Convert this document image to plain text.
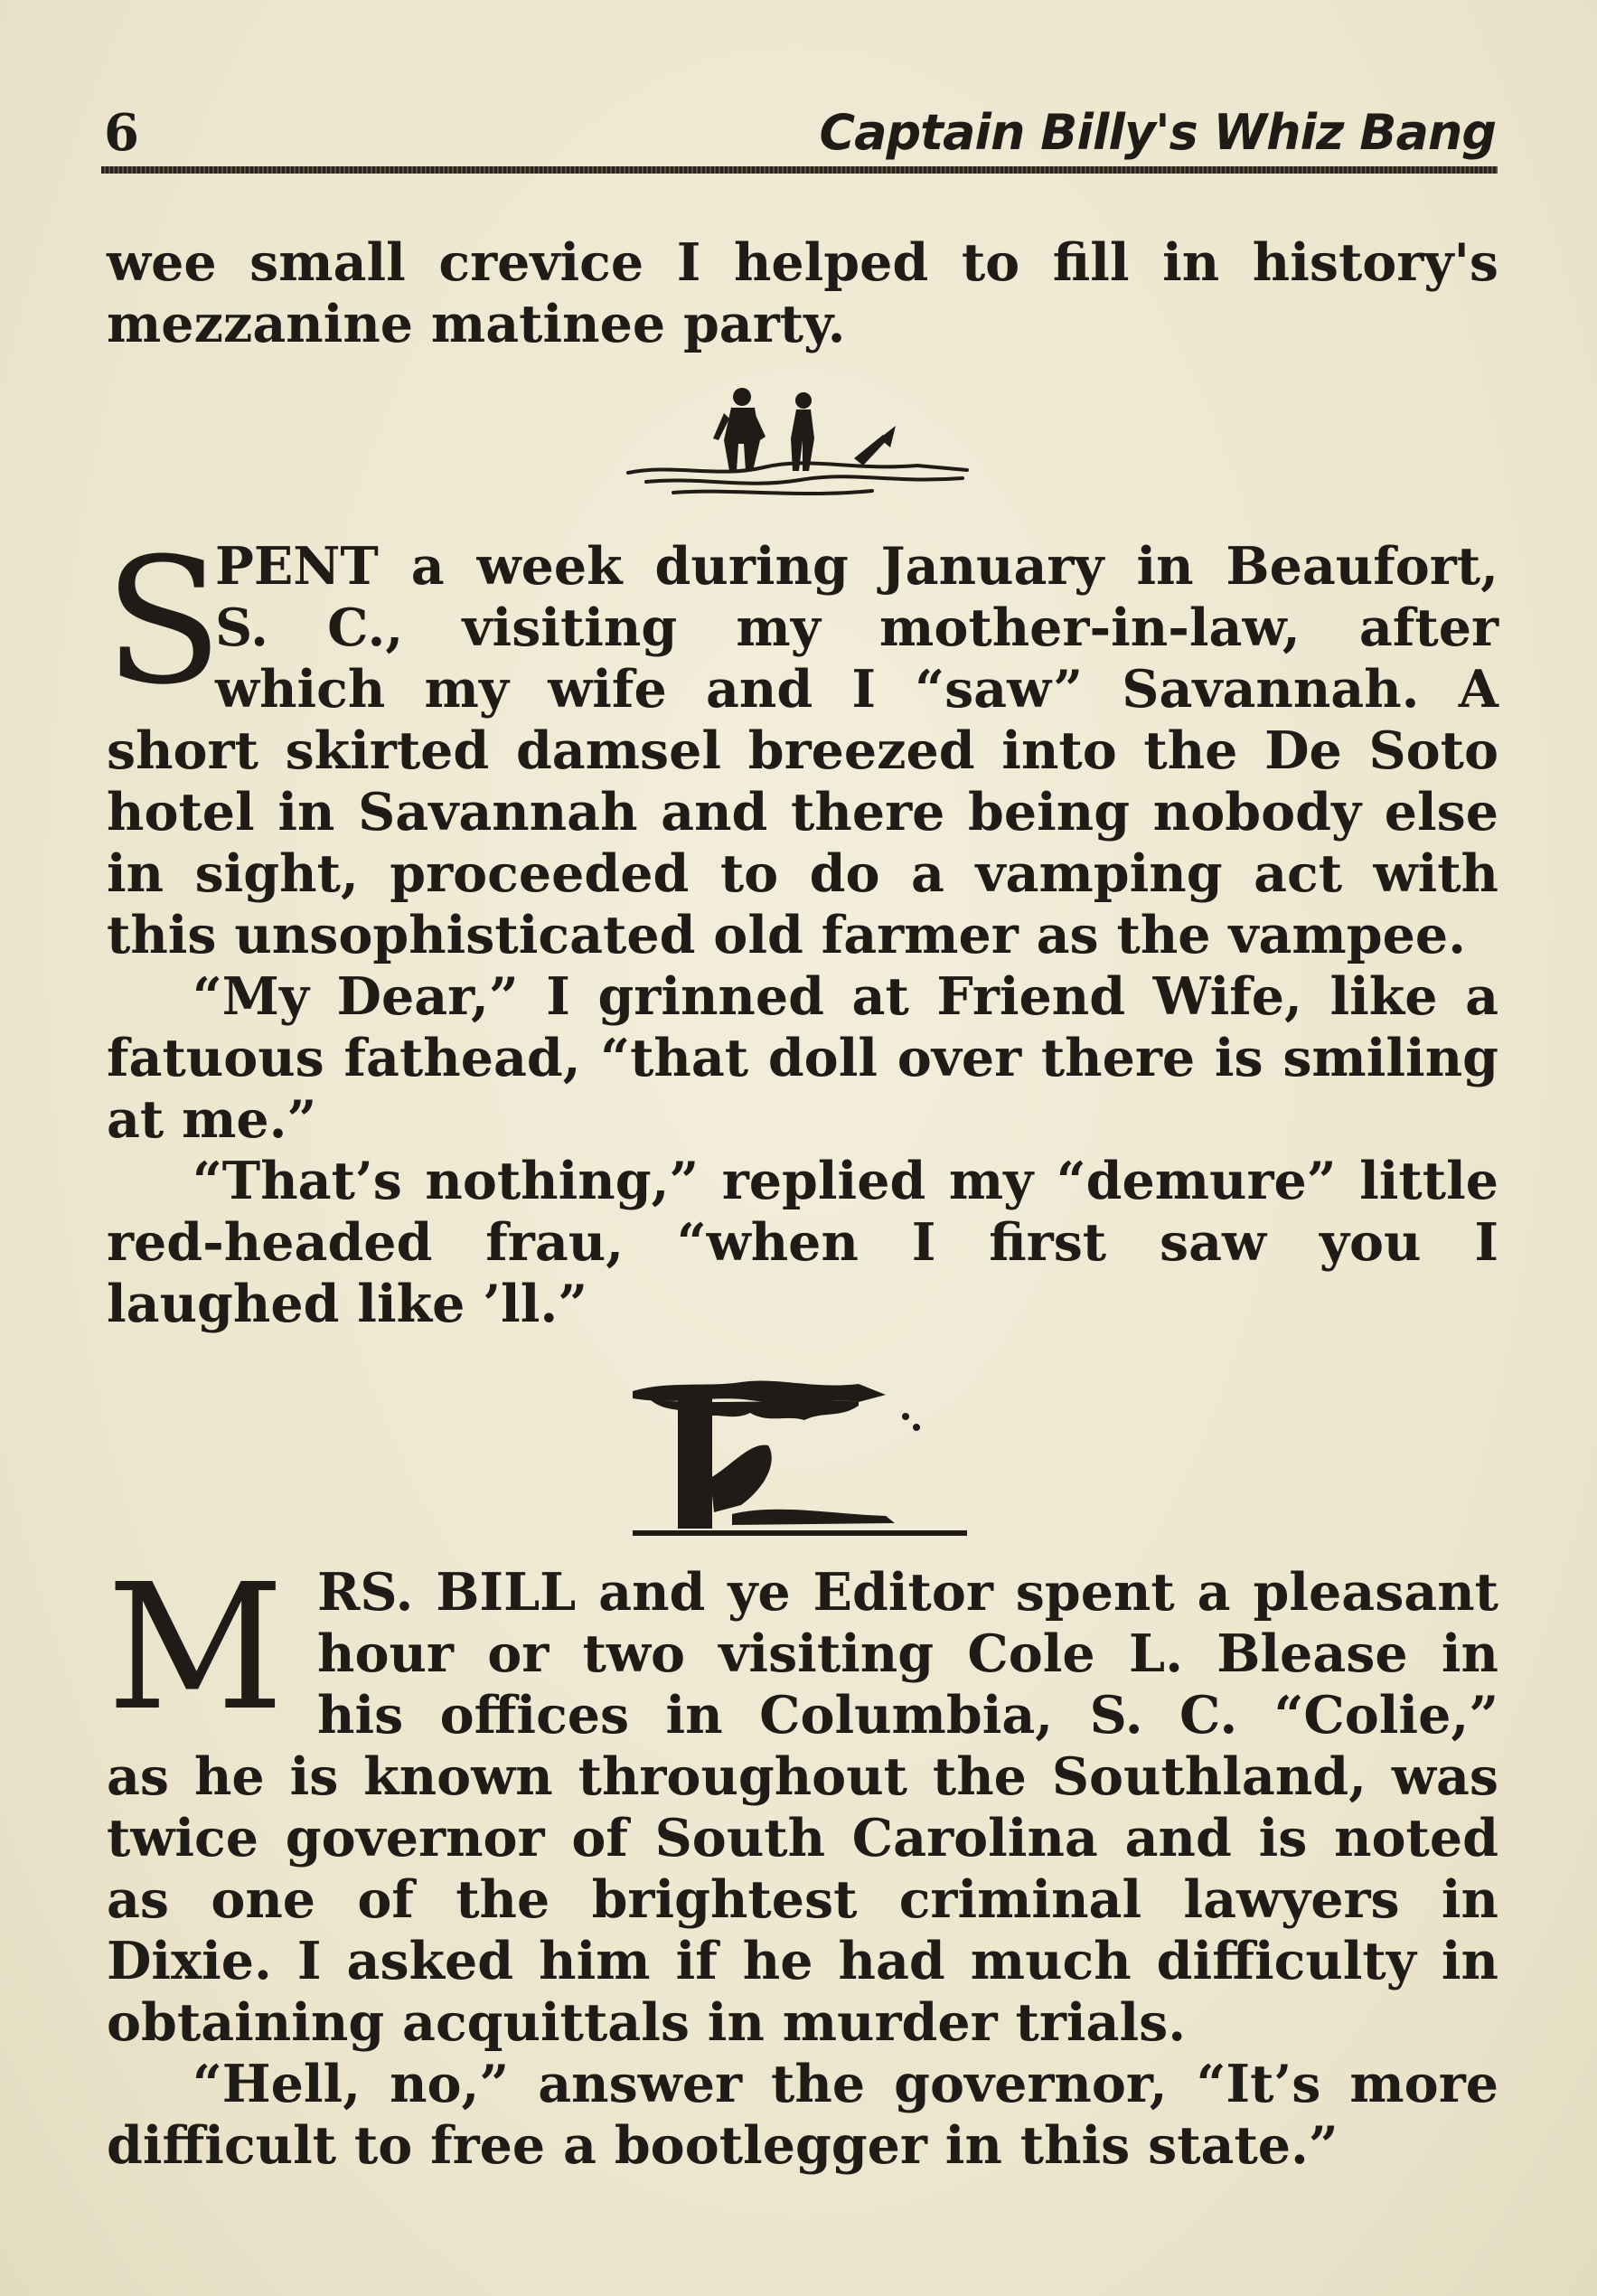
6	Captain Billy's Whiz Bang

wee small crevice I helped to fill in history's mezzanine matinee party.

S
PENT a week during January in Beaufort,
S. C., visiting my mother-in-law, after
which my wife and I “saw” Savannah. A

short skirted damsel breezed into the De Soto hotel in Savannah and there being nobody else in sight, proceeded to do a vamping act with this unsophisticated old farmer as the vampee.

“My Dear,” I grinned at Friend Wife, like a fatuous fathead, “that doll over there is smiling at me.”

“That’s nothing,” replied my “demure” little red-headed frau, “when I first saw you I laughed like ’ll.”

M RS. BILL and ye Editor spent a pleasant
hour or two visiting Cole L. Blease in
his offices in Columbia, S. C. “Colie,”

as he is known throughout the Southland, was twice governor of South Carolina and is noted as one of the brightest criminal lawyers in Dixie. I asked him if he had much difficulty in obtaining acquittals in murder trials.

“Hell, no,” answer the governor, “It’s more difficult to free a bootlegger in this state.”
